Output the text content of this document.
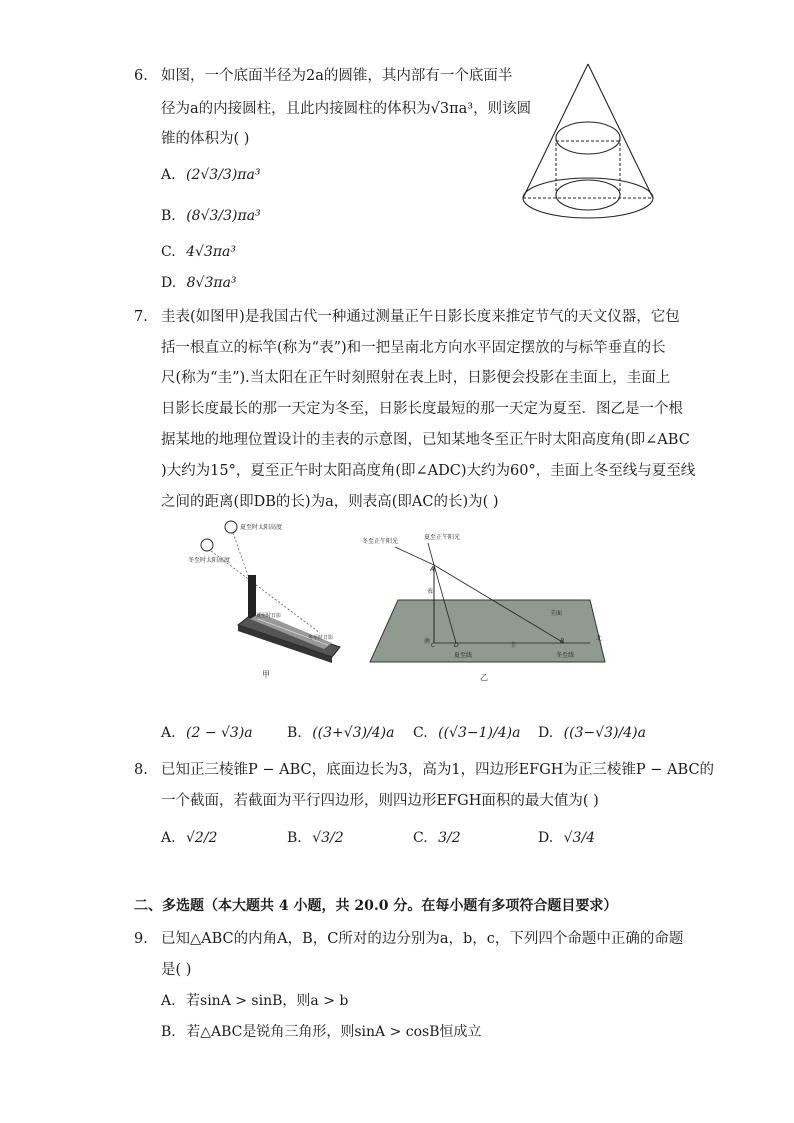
6. 如图，一个底面半径为2a的圆锥，其内部有一个底面半
径为a的内接圆柱，且此内接圆柱的体积为√3πa³，则该圆
锥的体积为( )
A. (2√3/3)πa³
B. (8√3/3)πa³
C. 4√3πa³
D. 8√3πa³
7. 圭表(如图甲)是我国古代一种通过测量正午日影长度来推定节气的天文仪器，它包
括一根直立的标竿(称为“表”)和一把呈南北方向水平固定摆放的与标竿垂直的长
尺(称为“圭”).当太阳在正午时刻照射在表上时，日影便会投影在圭面上，圭面上
日影长度最长的那一天定为冬至，日影长度最短的那一天定为夏至．图乙是一个根
据某地的地理位置设计的圭表的示意图，已知某地冬至正午时太阳高度角(即∠ABC
)大约为15°，夏至正午时太阳高度角(即∠ADC)大约为60°，圭面上冬至线与夏至线
之间的距离(即DB的长)为a，则表高(即AC的长)为( )
夏至时太阳高度
冬至时太阳高度
夏至时日影
冬至时日影
甲
冬至正午阳光
夏至正午阳光
A
表
圭面
南
C	D	圭
B	北
夏至线	冬至线
乙
A. (2 − √3)a B. ((3+√3)/4)a C. ((√3−1)/4)a D. ((3−√3)/4)a
8. 已知正三棱锥P − ABC，底面边长为3，高为1，四边形EFGH为正三棱锥P − ABC的
一个截面，若截面为平行四边形，则四边形EFGH面积的最大值为( )
A. √2/2	B. √3/2	C. 3/2	D. √3/4
二、多选题（本大题共 4 小题，共 20.0 分。在每小题有多项符合题目要求）
9. 已知△ABC的内角A，B，C所对的边分别为a，b，c，下列四个命题中正确的命题
是( )
A. 若sinA > sinB，则a > b
B. 若△ABC是锐角三角形，则sinA > cosB恒成立
